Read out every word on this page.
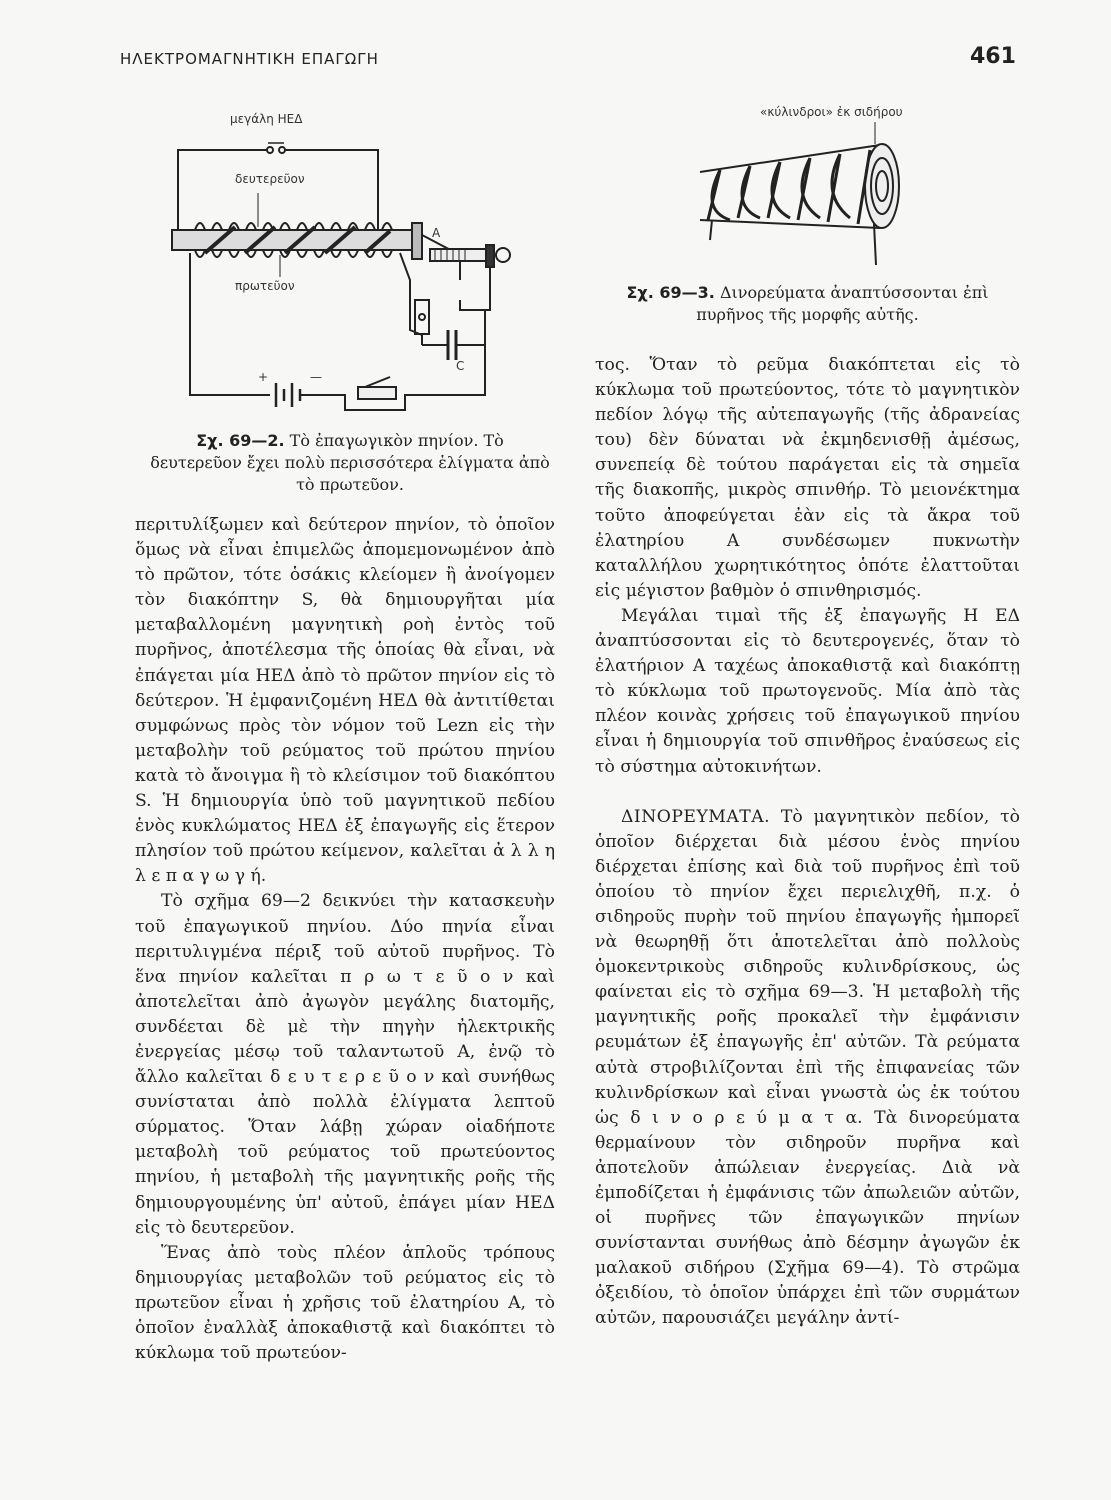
ΗΛΕΚΤΡΟΜΑΓΝΗΤΙΚΗ ΕΠΑΓΩΓΗ	461
μεγάλη ΗΕΔ
δευτερεῦον
πρωτεῦον
A
C
+	—
Σχ. 69—2. Τὸ ἐπαγωγικὸν πηνίον. Τὸ δευτερεῦον ἔχει πολὺ περισσότερα ἑλίγματα ἀπὸ τὸ πρωτεῦον.
«κύλινδροι» ἐκ σιδήρου
Σχ. 69—3. Δινορεύματα ἀναπτύσσονται ἐπὶ πυρῆνος τῆς μορφῆς αὐτῆς.

περιτυλίξωμεν καὶ δεύτερον πηνίον, τὸ ὁποῖον ὅμως νὰ εἶναι ἐπιμελῶς ἀπομεμονωμένον ἀπὸ τὸ πρῶτον, τότε ὁσάκις κλείομεν ἢ ἀνοίγομεν τὸν διακόπτην S, θὰ δημιουργῆται μία μεταβαλλομένη μαγνητικὴ ροὴ ἐντὸς τοῦ πυρῆνος, ἀποτέλεσμα τῆς ὁποίας θὰ εἶναι, νὰ ἐπάγεται μία ΗΕΔ ἀπὸ τὸ πρῶτον πηνίον εἰς τὸ δεύτερον. Ἡ ἐμφανιζομένη ΗΕΔ θὰ ἀντιτίθεται συμφώνως πρὸς τὸν νόμον τοῦ Lezn εἰς τὴν μεταβολὴν τοῦ ρεύματος τοῦ πρώτου πηνίου κατὰ τὸ ἄνοιγμα ἢ τὸ κλείσιμον τοῦ διακόπτου S. Ἡ δημιουργία ὑπὸ τοῦ μαγνητικοῦ πεδίου ἑνὸς κυκλώματος ΗΕΔ ἐξ ἐπαγωγῆς εἰς ἕτερον πλησίον τοῦ πρώτου κείμενον, καλεῖται ἀ λ λ η λ ε π α γ ω γ ή.

Τὸ σχῆμα 69—2 δεικνύει τὴν κατασκευὴν τοῦ ἐπαγωγικοῦ πηνίου. Δύο πηνία εἶναι περιτυλιγμένα πέριξ τοῦ αὐτοῦ πυρῆνος. Τὸ ἕνα πηνίον καλεῖται π ρ ω τ ε ῦ ο ν καὶ ἀποτελεῖται ἀπὸ ἀγωγὸν μεγάλης διατομῆς, συνδέεται δὲ μὲ τὴν πηγὴν ἠλεκτρικῆς ἐνεργείας μέσῳ τοῦ ταλαντωτοῦ Α, ἐνῷ τὸ ἄλλο καλεῖται δ ε υ τ ε ρ ε ῦ ο ν καὶ συνήθως συνίσταται ἀπὸ πολλὰ ἑλίγματα λεπτοῦ σύρματος. Ὅταν λάβῃ χώραν οἱαδήποτε μεταβολὴ τοῦ ρεύματος τοῦ πρωτεύοντος πηνίου, ἡ μεταβολὴ τῆς μαγνητικῆς ροῆς τῆς δημιουργουμένης ὑπ' αὐτοῦ, ἐπάγει μίαν ΗΕΔ εἰς τὸ δευτερεῦον.

Ἕνας ἀπὸ τοὺς πλέον ἁπλοῦς τρόπους δημιουργίας μεταβολῶν τοῦ ρεύματος εἰς τὸ πρωτεῦον εἶναι ἡ χρῆσις τοῦ ἐλατηρίου Α, τὸ ὁποῖον ἐναλλὰξ ἀποκαθιστᾷ καὶ διακόπτει τὸ κύκλωμα τοῦ πρωτεύον-

τος. Ὅταν τὸ ρεῦμα διακόπτεται εἰς τὸ κύκλωμα τοῦ πρωτεύοντος, τότε τὸ μαγνητικὸν πεδίον λόγῳ τῆς αὐτεπαγωγῆς (τῆς ἀδρανείας του) δὲν δύναται νὰ ἐκμηδενισθῇ ἀμέσως, συνεπείᾳ δὲ τούτου παράγεται εἰς τὰ σημεῖα τῆς διακοπῆς, μικρὸς σπινθήρ. Τὸ μειονέκτημα τοῦτο ἀποφεύγεται ἐὰν εἰς τὰ ἄκρα τοῦ ἐλατηρίου Α συνδέσωμεν πυκνωτὴν καταλλήλου χωρητικότητος ὁπότε ἐλαττοῦται εἰς μέγιστον βαθμὸν ὁ σπινθηρισμός.

Μεγάλαι τιμαὶ τῆς ἐξ ἐπαγωγῆς Η ΕΔ ἀναπτύσσονται εἰς τὸ δευτερογενές, ὅταν τὸ ἐλατήριον Α ταχέως ἀποκαθιστᾷ καὶ διακόπτῃ τὸ κύκλωμα τοῦ πρωτογενοῦς. Μία ἀπὸ τὰς πλέον κοινὰς χρήσεις τοῦ ἐπαγωγικοῦ πηνίου εἶναι ἡ δημιουργία τοῦ σπινθῆρος ἐναύσεως εἰς τὸ σύστημα αὐτοκινήτων.

ΔΙΝΟΡΕΥΜΑΤΑ. Τὸ μαγνητικὸν πεδίον, τὸ ὁποῖον διέρχεται διὰ μέσου ἑνὸς πηνίου διέρχεται ἐπίσης καὶ διὰ τοῦ πυρῆνος ἐπὶ τοῦ ὁποίου τὸ πηνίον ἔχει περιελιχθῆ, π.χ. ὁ σιδηροῦς πυρὴν τοῦ πηνίου ἐπαγωγῆς ἠμπορεῖ νὰ θεωρηθῇ ὅτι ἀποτελεῖται ἀπὸ πολλοὺς ὁμοκεντρικοὺς σιδηροῦς κυλινδρίσκους, ὡς φαίνεται εἰς τὸ σχῆμα 69—3. Ἡ μεταβολὴ τῆς μαγνητικῆς ροῆς προκαλεῖ τὴν ἐμφάνισιν ρευμάτων ἐξ ἐπαγωγῆς ἐπ' αὐτῶν. Τὰ ρεύματα αὐτὰ στροβιλίζονται ἐπὶ τῆς ἐπιφανείας τῶν κυλινδρίσκων καὶ εἶναι γνωστὰ ὡς ἐκ τούτου ὡς δ ι ν ο ρ ε ύ μ α τ α. Τὰ δινορεύματα θερμαίνουν τὸν σιδηροῦν πυρῆνα καὶ ἀποτελοῦν ἀπώλειαν ἐνεργείας. Διὰ νὰ ἐμποδίζεται ἡ ἐμφάνισις τῶν ἀπωλειῶν αὐτῶν, οἱ πυρῆνες τῶν ἐπαγωγικῶν πηνίων συνίστανται συνήθως ἀπὸ δέσμην ἀγωγῶν ἐκ μαλακοῦ σιδήρου (Σχῆμα 69—4). Τὸ στρῶμα ὀξειδίου, τὸ ὁποῖον ὑπάρχει ἐπὶ τῶν συρμάτων αὐτῶν, παρουσιάζει μεγάλην ἀντί-
